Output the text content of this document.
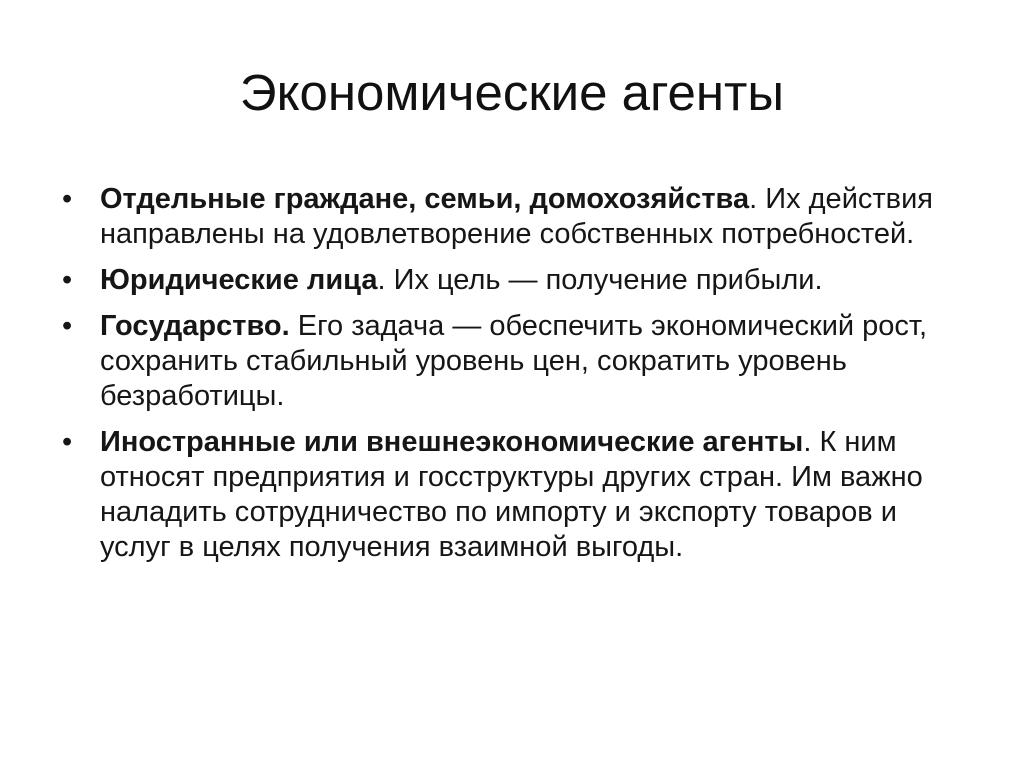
Экономические агенты
• Отдельные граждане, семьи, домохозяйства. Их действия направлены на удовлетворение собственных потребностей.
• Юридические лица. Их цель — получение прибыли.
• Государство. Его задача — обеспечить экономический рост, сохранить стабильный уровень цен, сократить уровень безработицы.
• Иностранные или внешнеэкономические агенты. К ним относят предприятия и госструктуры других стран. Им важно наладить сотрудничество по импорту и экспорту товаров и услуг в целях получения взаимной выгоды.
